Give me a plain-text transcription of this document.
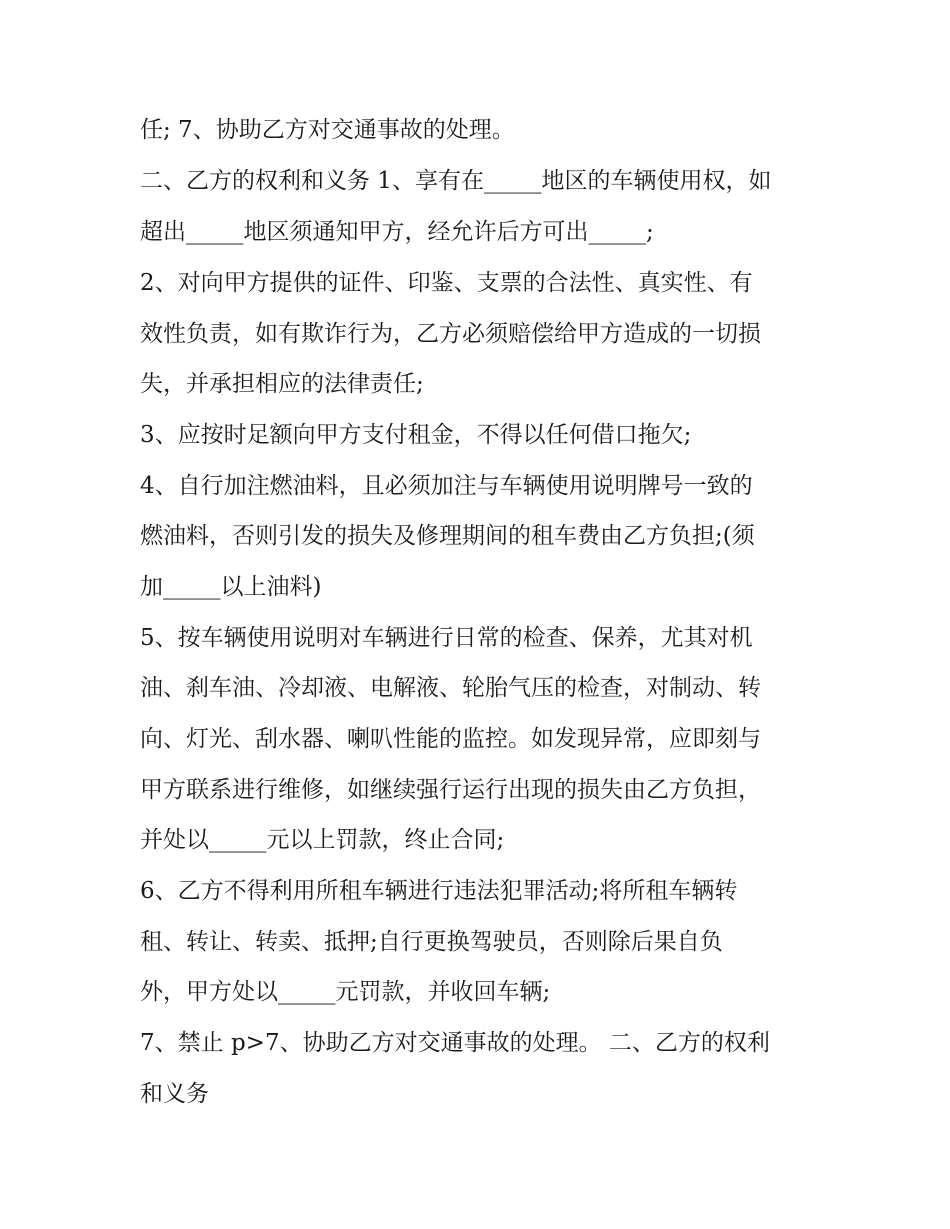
任; 7、协助乙方对交通事故的处理。

二、乙方的权利和义务 1、享有在_____地区的车辆使用权，如

超出_____地区须通知甲方，经允许后方可出_____;

2、对向甲方提供的证件、印鉴、支票的合法性、真实性、有

效性负责，如有欺诈行为，乙方必须赔偿给甲方造成的一切损

失，并承担相应的法律责任;

3、应按时足额向甲方支付租金，不得以任何借口拖欠;

4、自行加注燃油料，且必须加注与车辆使用说明牌号一致的

燃油料，否则引发的损失及修理期间的租车费由乙方负担;(须

加_____以上油料)

5、按车辆使用说明对车辆进行日常的检查、保养，尤其对机

油、刹车油、冷却液、电解液、轮胎气压的检查，对制动、转

向、灯光、刮水器、喇叭性能的监控。如发现异常，应即刻与

甲方联系进行维修，如继续强行运行出现的损失由乙方负担，

并处以_____元以上罚款，终止合同;

6、乙方不得利用所租车辆进行违法犯罪活动;将所租车辆转

租、转让、转卖、抵押;自行更换驾驶员，否则除后果自负

外，甲方处以_____元罚款，并收回车辆;

7、禁止 p>7、协助乙方对交通事故的处理。 二、乙方的权利

和义务
